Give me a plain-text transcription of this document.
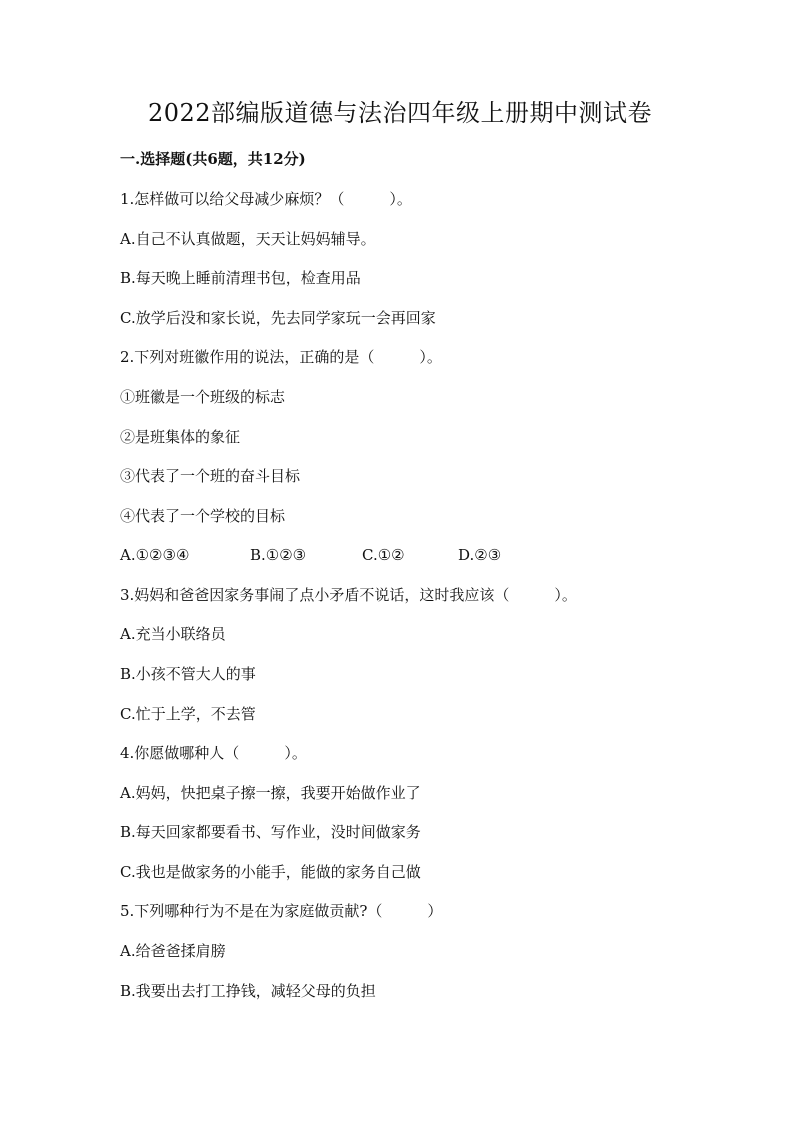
2022部编版道德与法治四年级上册期中测试卷
一.选择题(共6题，共12分)
1.怎样做可以给父母减少麻烦？（　　　）。
A.自己不认真做题，天天让妈妈辅导。
B.每天晚上睡前清理书包，检查用品
C.放学后没和家长说，先去同学家玩一会再回家
2.下列对班徽作用的说法，正确的是（　　　）。
①班徽是一个班级的标志
②是班集体的象征
③代表了一个班的奋斗目标
④代表了一个学校的目标
A.①②③④	B.①②③	C.①②	D.②③
3.妈妈和爸爸因家务事闹了点小矛盾不说话，这时我应该（　　　）。
A.充当小联络员
B.小孩不管大人的事
C.忙于上学，不去管
4.你愿做哪种人（　　　）。
A.妈妈，快把桌子擦一擦，我要开始做作业了
B.每天回家都要看书、写作业，没时间做家务
C.我也是做家务的小能手，能做的家务自己做
5.下列哪种行为不是在为家庭做贡献?（　　　）
A.给爸爸揉肩膀
B.我要出去打工挣钱，减轻父母的负担
